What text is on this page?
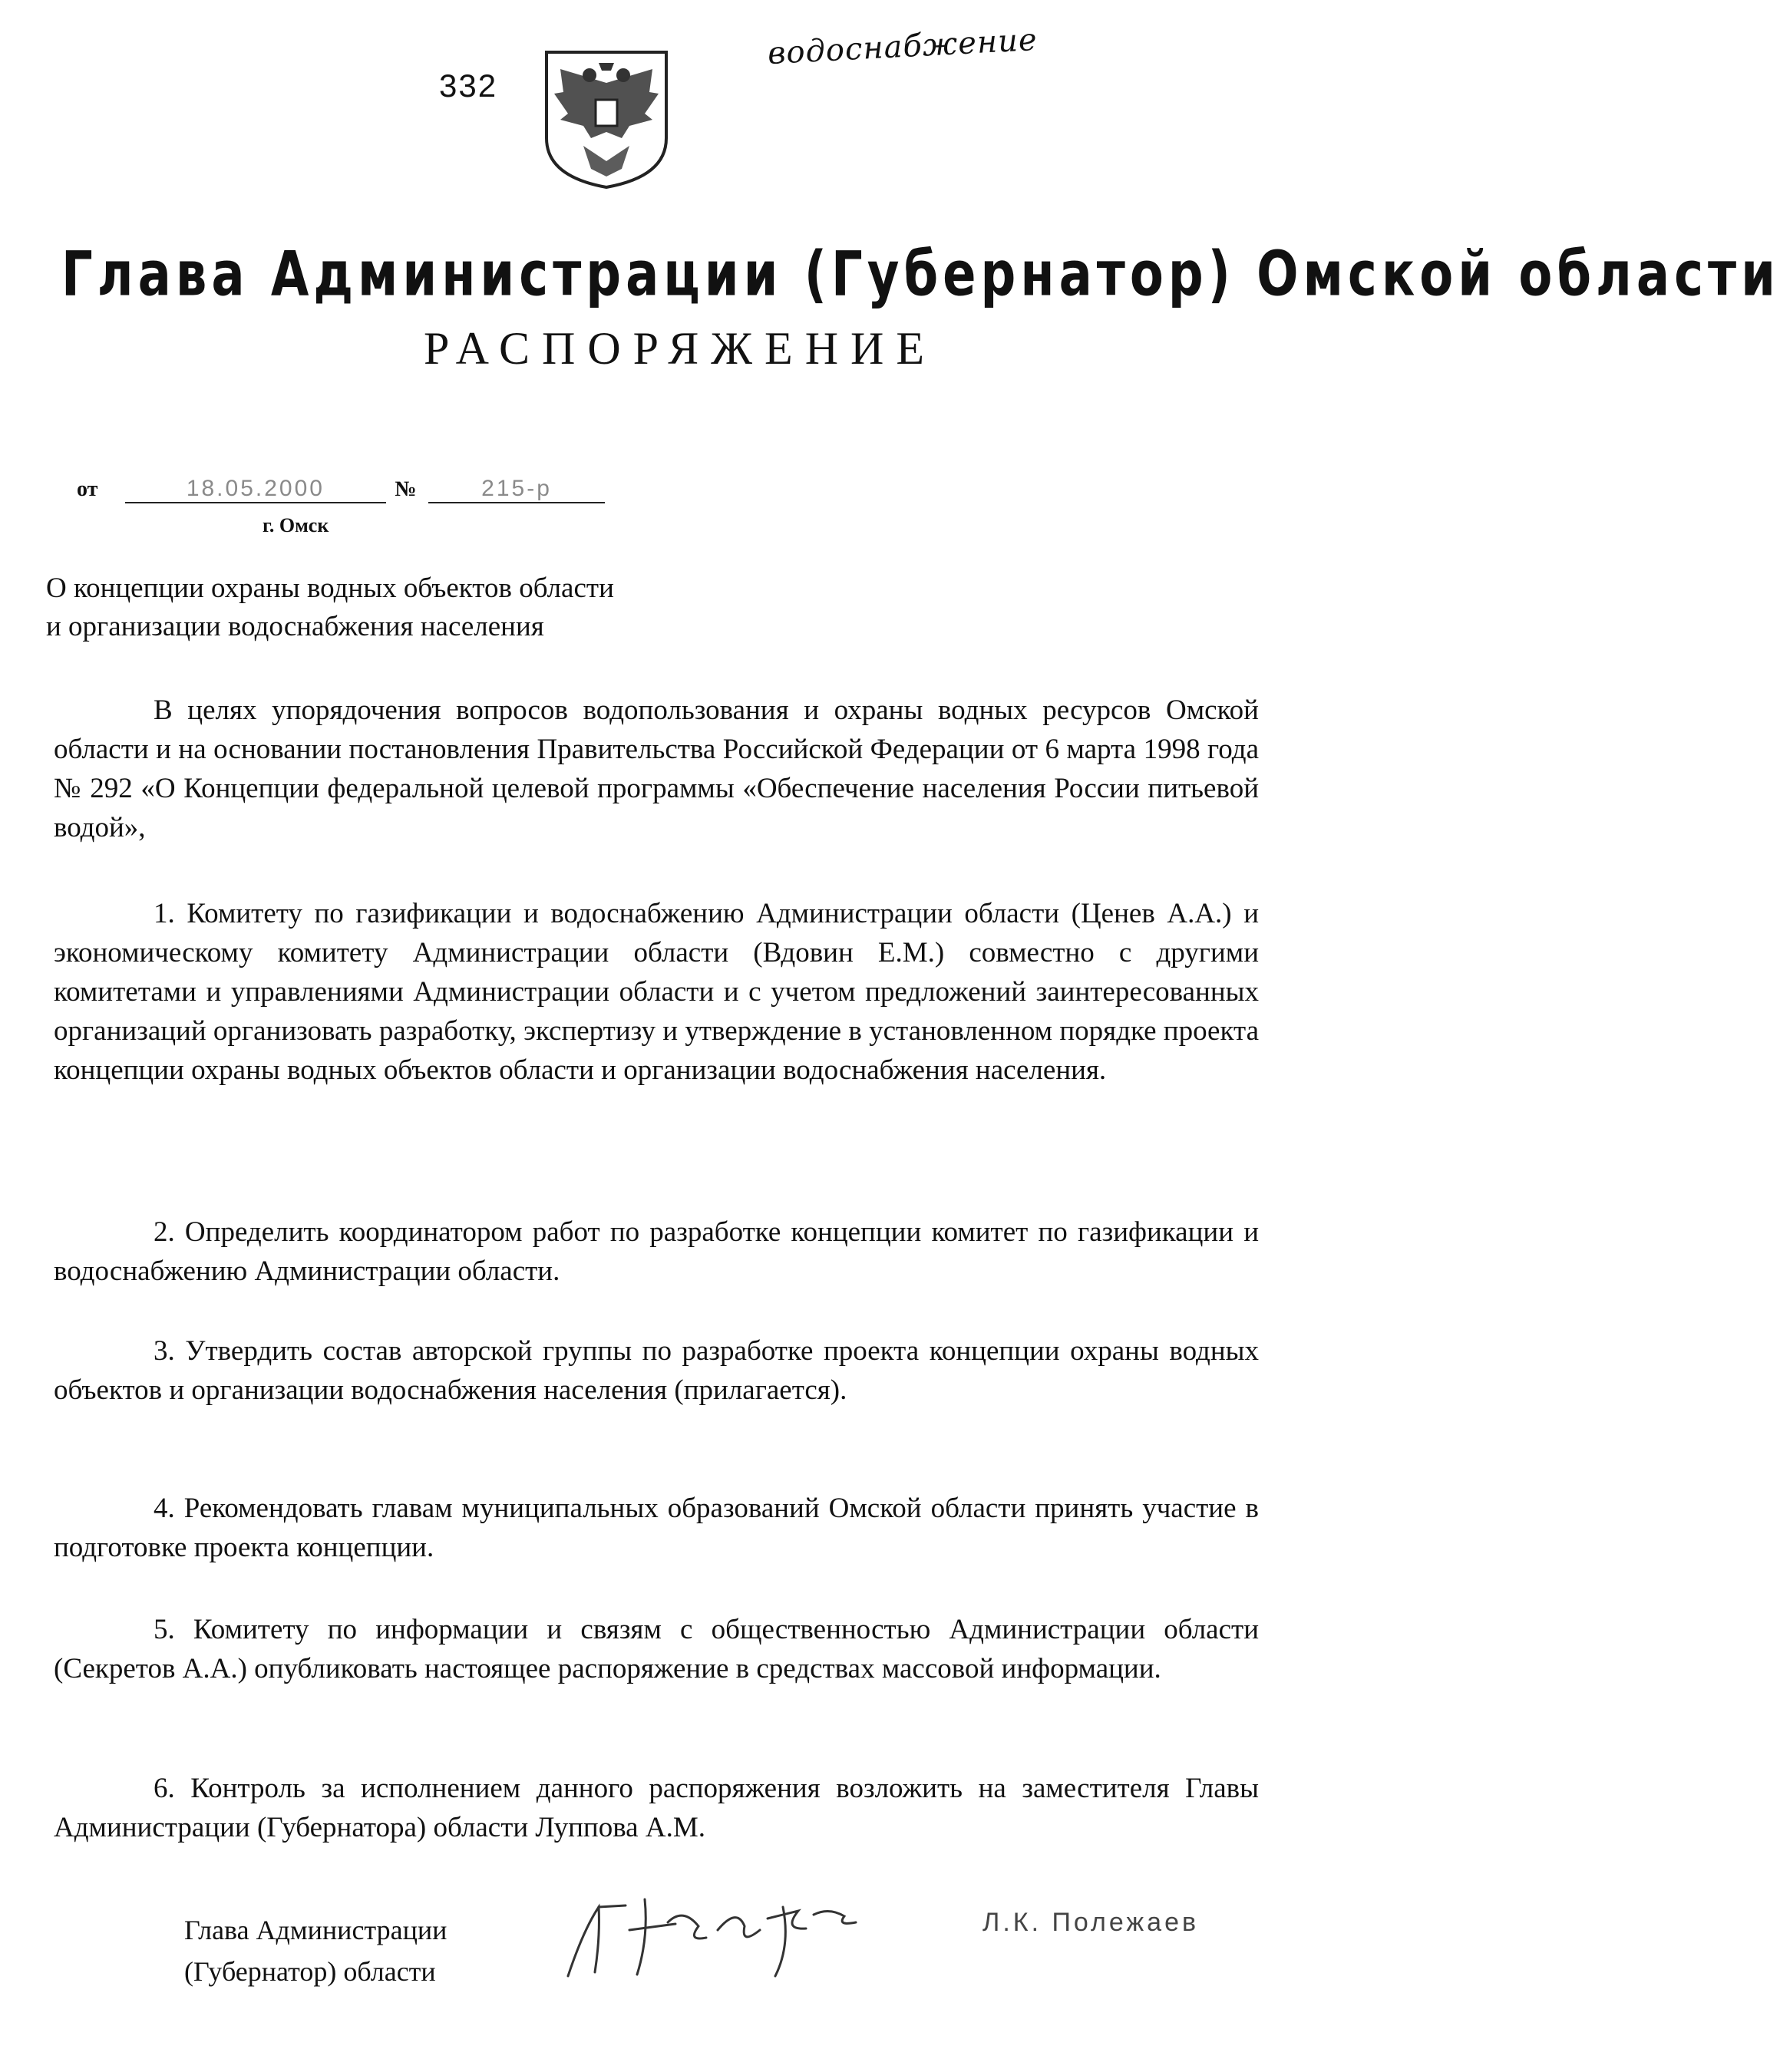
332
водоснабжение
Глава Администрации (Губернатор) Омской области
РАСПОРЯЖЕНИЕ
от	18.05.2000	№	215-р
г. Омск
О концепции охраны водных объектов области
и организации водоснабжения населения
В целях упорядочения вопросов водопользования и охраны водных ресурсов Омской области и на основании постановления Правительства Российской Федерации от 6 марта 1998 года № 292 «О Концепции федеральной целевой программы «Обеспечение населения России питьевой водой»,
1. Комитету по газификации и водоснабжению Администрации области (Ценев А.А.) и экономическому комитету Администрации области (Вдовин Е.М.) совместно с другими комитетами и управлениями Администрации области и с учетом предложений заинтересованных организаций организовать разработку, экспертизу и утверждение в установленном порядке проекта концепции охраны водных объектов области и организации водоснабжения населения.
2. Определить координатором работ по разработке концепции комитет по газификации и водоснабжению Администрации области.
3. Утвердить состав авторской группы по разработке проекта концепции охраны водных объектов и организации водоснабжения населения (прилагается).
4. Рекомендовать главам муниципальных образований Омской области принять участие в подготовке проекта концепции.
5. Комитету по информации и связям с общественностью Администрации области (Секретов А.А.) опубликовать настоящее распоряжение в средствах массовой информации.
6. Контроль за исполнением данного распоряжения возложить на заместителя Главы Администрации (Губернатора) области Луппова А.М.
Глава Администрации
(Губернатор) области
Л.К. Полежаев
